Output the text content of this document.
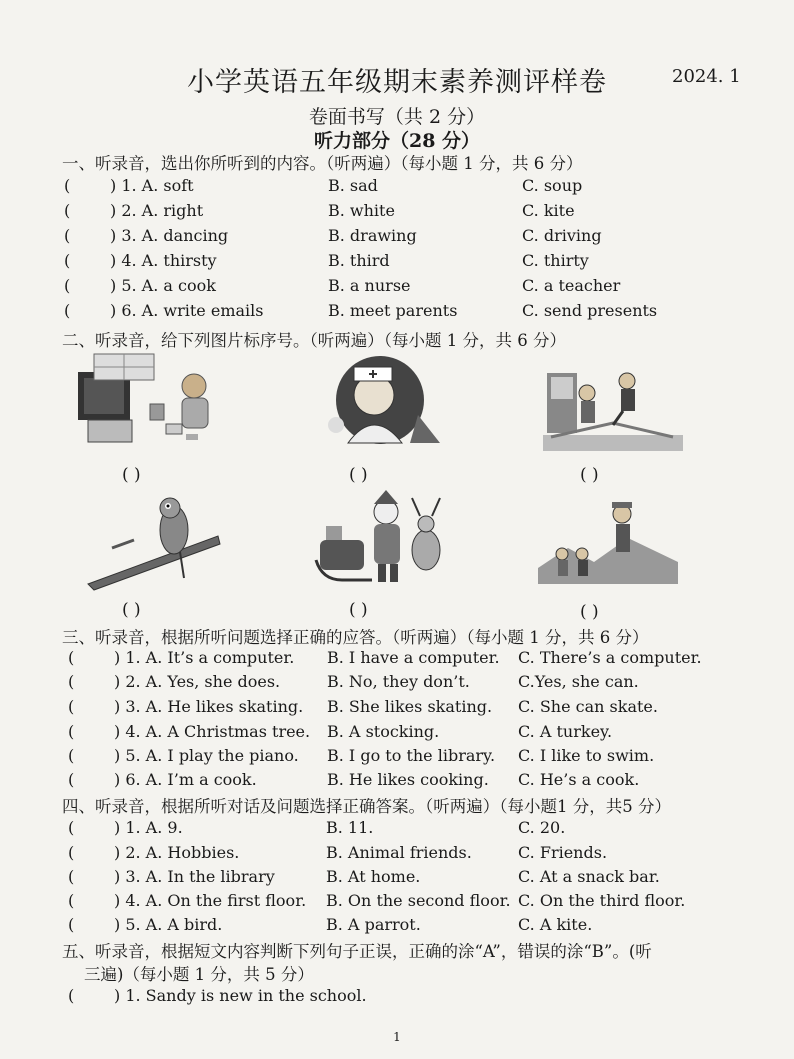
小学英语五年级期末素养测评样卷	2024. 1
卷面书写（共 2 分）
听力部分（28 分）
一、听录音，选出你所听到的内容。（听两遍）（每小题 1 分，共 6 分）
( ) 1. A. soft	B. sad	C. soup
( ) 2. A. right	B. white	C. kite
( ) 3. A. dancing	B. drawing	C. driving
( ) 4. A. thirsty	B. third	C. thirty
( ) 5. A. a cook	B. a nurse	C. a teacher
( ) 6. A. write emails	B. meet parents	C. send presents
二、听录音，给下列图片标序号。（听两遍）（每小题 1 分，共 6 分）
( )	( )	( )
( )	( )	( )
三、听录音，根据所听问题选择正确的应答。（听两遍）（每小题 1 分，共 6 分）
( ) 1. A. It’s a computer. B. I have a computer. C. There’s a computer.
( ) 2. A. Yes, she does.	B. No, they don’t.	C.Yes, she can.
( ) 3. A. He likes skating. B. She likes skating. C. She can skate.
( ) 4. A. A Christmas tree. B. A stocking.	C. A turkey.
( ) 5. A. I play the piano. B. I go to the library. C. I like to swim.
( ) 6. A. I’m a cook.	B. He likes cooking. C. He’s a cook.
四、听录音，根据所听对话及问题选择正确答案。（听两遍）（每小题1 分，共5 分）
( ) 1. A. 9.	B. 11.	C. 20.
( ) 2. A. Hobbies.	B. Animal friends.	C. Friends.
( ) 3. A. In the library	B. At home.	C. At a snack bar.
( ) 4. A. On the first floor. B. On the second floor. C. On the third floor.
( ) 5. A. A bird.	B. A parrot.	C. A kite.
五、听录音，根据短文内容判断下列句子正误，正确的涂“A”，错误的涂“B”。(听
三遍)（每小题 1 分，共 5 分）
( ) 1. Sandy is new in the school.
1
